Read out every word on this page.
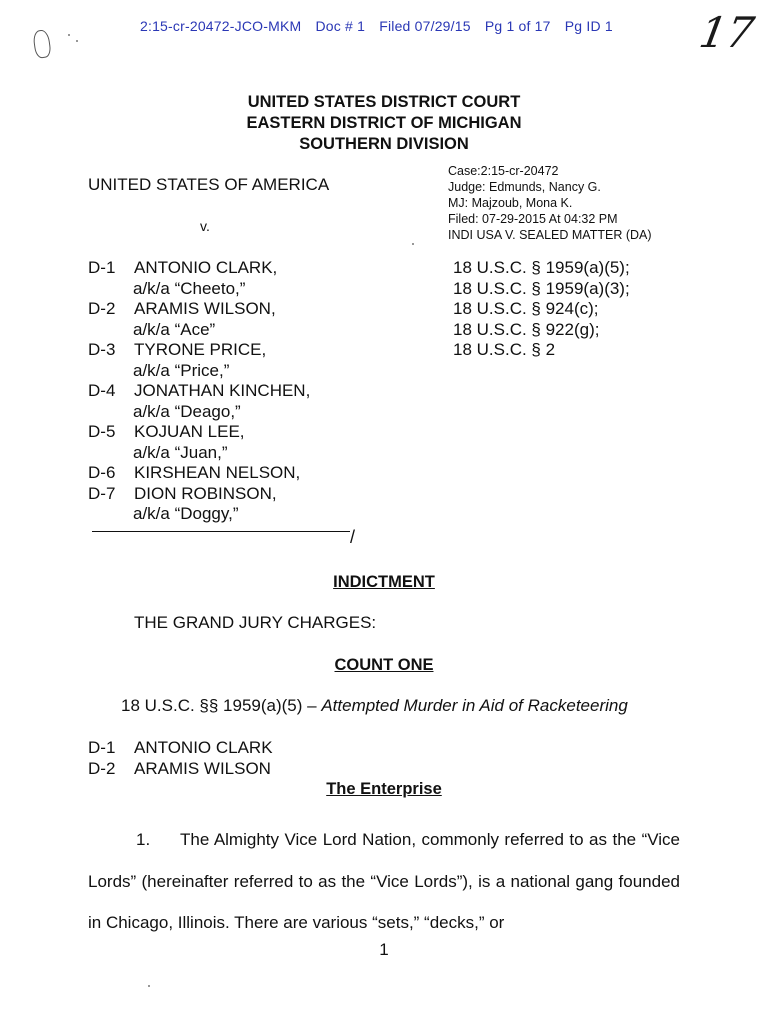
2:15-cr-20472-JCO-MKM Doc # 1 Filed 07/29/15 Pg 1 of 17 Pg ID 1 17
UNITED STATES DISTRICT COURT
EASTERN DISTRICT OF MICHIGAN
SOUTHERN DIVISION
UNITED STATES OF AMERICA
v.
Case:2:15-cr-20472
Judge: Edmunds, Nancy G.
MJ: Majzoub, Mona K.
Filed: 07-29-2015 At 04:32 PM
INDI USA V. SEALED MATTER (DA)
D-1	ANTONIO CLARK,
a/k/a “Cheeto,”
D-2	ARAMIS WILSON,
a/k/a “Ace”
D-3	TYRONE PRICE,
a/k/a “Price,”
D-4	JONATHAN KINCHEN,
a/k/a “Deago,”
D-5	KOJUAN LEE,
a/k/a “Juan,”
D-6	KIRSHEAN NELSON,
D-7	DION ROBINSON,
a/k/a “Doggy,”
18 U.S.C. § 1959(a)(5);
18 U.S.C. § 1959(a)(3);
18 U.S.C. § 924(c);
18 U.S.C. § 922(g);
18 U.S.C. § 2
/
INDICTMENT
THE GRAND JURY CHARGES:
COUNT ONE
18 U.S.C. §§ 1959(a)(5) – Attempted Murder in Aid of Racketeering
D-1	ANTONIO CLARK
D-2	ARAMIS WILSON
The Enterprise
1. The Almighty Vice Lord Nation, commonly referred to as the “Vice Lords” (hereinafter referred to as the “Vice Lords”), is a national gang founded in Chicago, Illinois. There are various “sets,” “decks,” or
1
